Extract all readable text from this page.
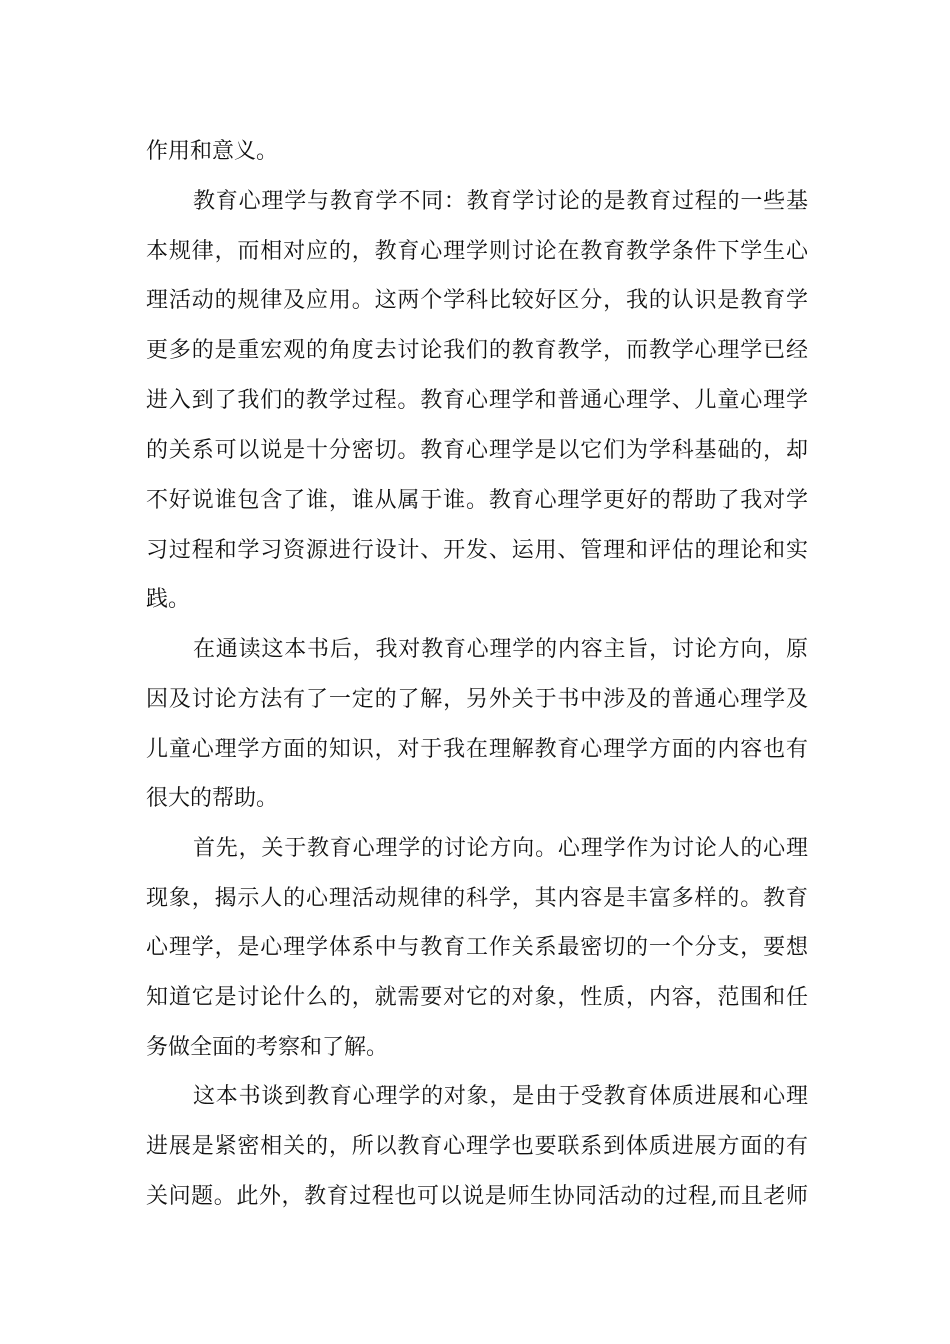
作用和意义。
教育心理学与教育学不同：教育学讨论的是教育过程的一些基
本规律，而相对应的，教育心理学则讨论在教育教学条件下学生心
理活动的规律及应用。这两个学科比较好区分，我的认识是教育学
更多的是重宏观的角度去讨论我们的教育教学，而教学心理学已经
进入到了我们的教学过程。教育心理学和普通心理学、儿童心理学
的关系可以说是十分密切。教育心理学是以它们为学科基础的，却
不好说谁包含了谁，谁从属于谁。教育心理学更好的帮助了我对学
习过程和学习资源进行设计、开发、运用、管理和评估的理论和实
践。
在通读这本书后，我对教育心理学的内容主旨，讨论方向，原
因及讨论方法有了一定的了解，另外关于书中涉及的普通心理学及
儿童心理学方面的知识，对于我在理解教育心理学方面的内容也有
很大的帮助。
首先，关于教育心理学的讨论方向。心理学作为讨论人的心理
现象，揭示人的心理活动规律的科学，其内容是丰富多样的。教育
心理学，是心理学体系中与教育工作关系最密切的一个分支，要想
知道它是讨论什么的，就需要对它的对象，性质，内容，范围和任
务做全面的考察和了解。
这本书谈到教育心理学的对象，是由于受教育体质进展和心理
进展是紧密相关的，所以教育心理学也要联系到体质进展方面的有
关问题。此外，教育过程也可以说是师生协同活动的过程,而且老师
